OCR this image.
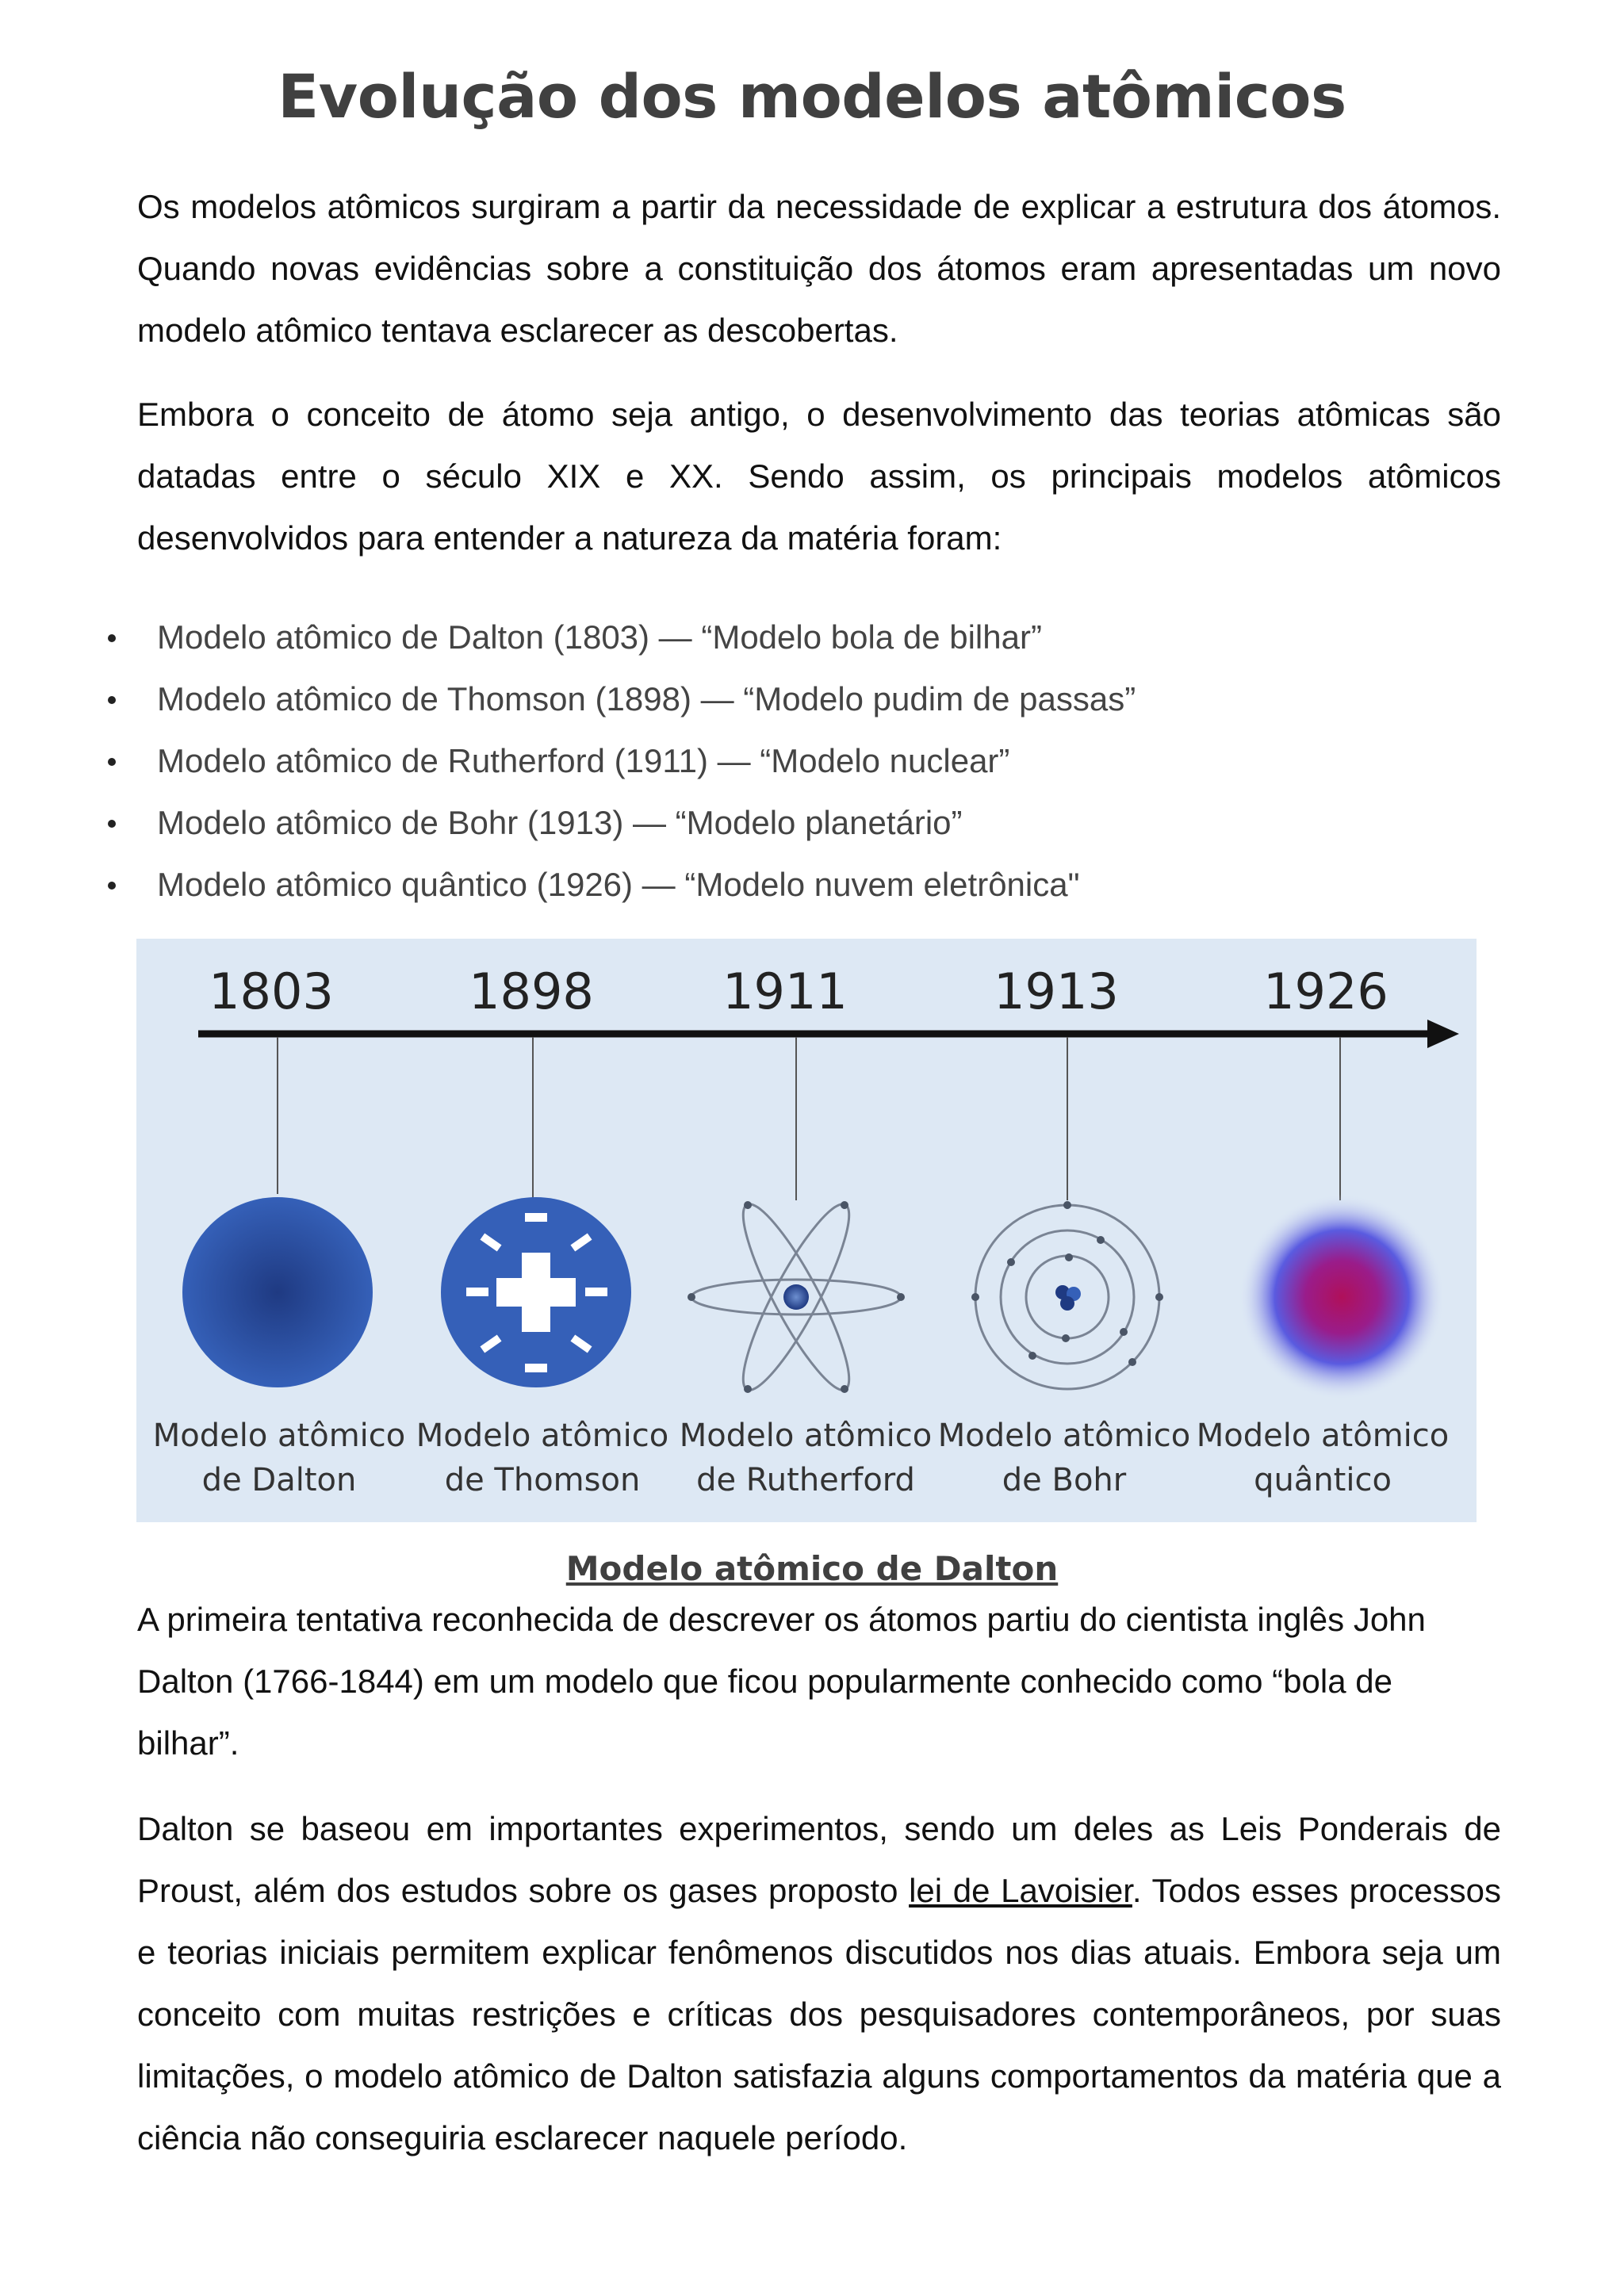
Evolução dos modelos atômicos

Os modelos atômicos surgiram a partir da necessidade de explicar a estrutura dos átomos. Quando novas evidências sobre a constituição dos átomos eram apresentadas um novo modelo atômico tentava esclarecer as descobertas.

Embora o conceito de átomo seja antigo, o desenvolvimento das teorias atômicas são datadas entre o século XIX e XX. Sendo assim, os principais modelos atômicos desenvolvidos para entender a natureza da matéria foram:

Modelo atômico de Dalton (1803) — “Modelo bola de bilhar”
Modelo atômico de Thomson (1898) — “Modelo pudim de passas”
Modelo atômico de Rutherford (1911) — “Modelo nuclear”
Modelo atômico de Bohr (1913) — “Modelo planetário”
Modelo atômico quântico (1926) — “Modelo nuvem eletrônica"
1803	1898	1911	1913	1926
Modelo atômico
de Dalton
Modelo atômico
de Thomson
Modelo atômico
de Rutherford
Modelo atômico
de Bohr
Modelo atômico
quântico
Modelo atômico de Dalton

A primeira tentativa reconhecida de descrever os átomos partiu do cientista inglês John Dalton (1766-1844) em um modelo que ficou popularmente conhecido como “bola de bilhar”.

Dalton se baseou em importantes experimentos, sendo um deles as Leis Ponderais de Proust, além dos estudos sobre os gases proposto lei de Lavoisier. Todos esses processos e teorias iniciais permitem explicar fenômenos discutidos nos dias atuais. Embora seja um conceito com muitas restrições e críticas dos pesquisadores contemporâneos, por suas limitações, o modelo atômico de Dalton satisfazia alguns comportamentos da matéria que a ciência não conseguiria esclarecer naquele período.
